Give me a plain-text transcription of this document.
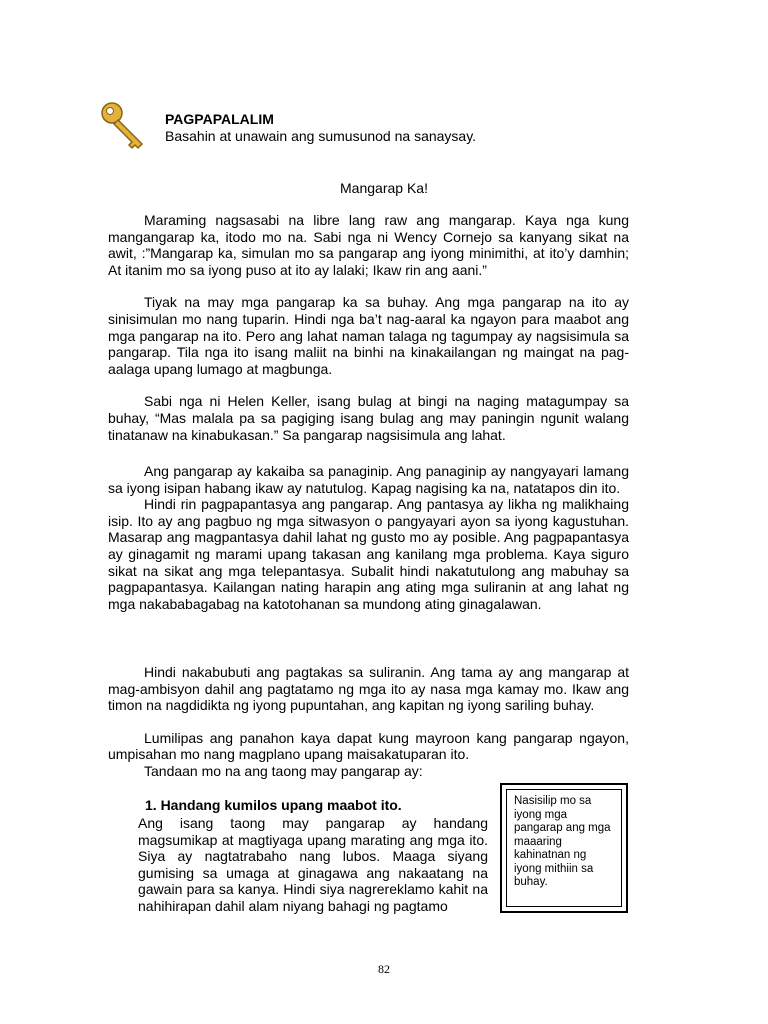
PAGPAPALALIM
Basahin at unawain ang sumusunod na sanaysay.
Mangarap Ka!

Maraming nagsasabi na libre lang raw ang mangarap. Kaya nga kung mangangarap ka, itodo mo na. Sabi nga ni Wency Cornejo sa kanyang sikat na awit, :”Mangarap ka, simulan mo sa pangarap ang iyong minimithi, at ito’y damhin; At itanim mo sa iyong puso at ito ay lalaki; Ikaw rin ang aani.”

Tiyak na may mga pangarap ka sa buhay. Ang mga pangarap na ito ay sinisimulan mo nang tuparin. Hindi nga ba’t nag-aaral ka ngayon para maabot ang mga pangarap na ito. Pero ang lahat naman talaga ng tagumpay ay nagsisimula sa pangarap. Tila nga ito isang maliit na binhi na kinakailangan ng maingat na pag-aalaga upang lumago at magbunga.

Sabi nga ni Helen Keller, isang bulag at bingi na naging matagumpay sa buhay, “Mas malala pa sa pagiging isang bulag ang may paningin ngunit walang tinatanaw na kinabukasan.” Sa pangarap nagsisimula ang lahat.

Ang pangarap ay kakaiba sa panaginip. Ang panaginip ay nangyayari lamang sa iyong isipan habang ikaw ay natutulog. Kapag nagising ka na, natatapos din ito.

Hindi rin pagpapantasya ang pangarap. Ang pantasya ay likha ng malikhaing isip. Ito ay ang pagbuo ng mga sitwasyon o pangyayari ayon sa iyong kagustuhan. Masarap ang magpantasya dahil lahat ng gusto mo ay posible. Ang pagpapantasya ay ginagamit ng marami upang takasan ang kanilang mga problema. Kaya siguro sikat na sikat ang mga telepantasya. Subalit hindi nakatutulong ang mabuhay sa pagpapantasya. Kailangan nating harapin ang ating mga suliranin at ang lahat ng mga nakababagabag na katotohanan sa mundong ating ginagalawan.

Hindi nakabubuti ang pagtakas sa suliranin. Ang tama ay ang mangarap at mag-ambisyon dahil ang pagtatamo ng mga ito ay nasa mga kamay mo. Ikaw ang timon na nagdidikta ng iyong pupuntahan, ang kapitan ng iyong sariling buhay.

Lumilipas ang panahon kaya dapat kung mayroon kang pangarap ngayon, umpisahan mo nang magplano upang maisakatuparan ito.

Tandaan mo na ang taong may pangarap ay:

1. Handang kumilos upang maabot ito.

Ang isang taong may pangarap ay handang magsumikap at magtiyaga upang marating ang mga ito. Siya ay nagtatrabaho nang lubos. Maaga siyang gumising sa umaga at ginagawa ang nakaatang na gawain para sa kanya. Hindi siya nagrereklamo kahit na nahihirapan dahil alam niyang bahagi ng pagtamo

Nasisilip mo sa iyong mga pangarap ang mga maaaring kahinatnan ng iyong mithiin sa buhay.
82
